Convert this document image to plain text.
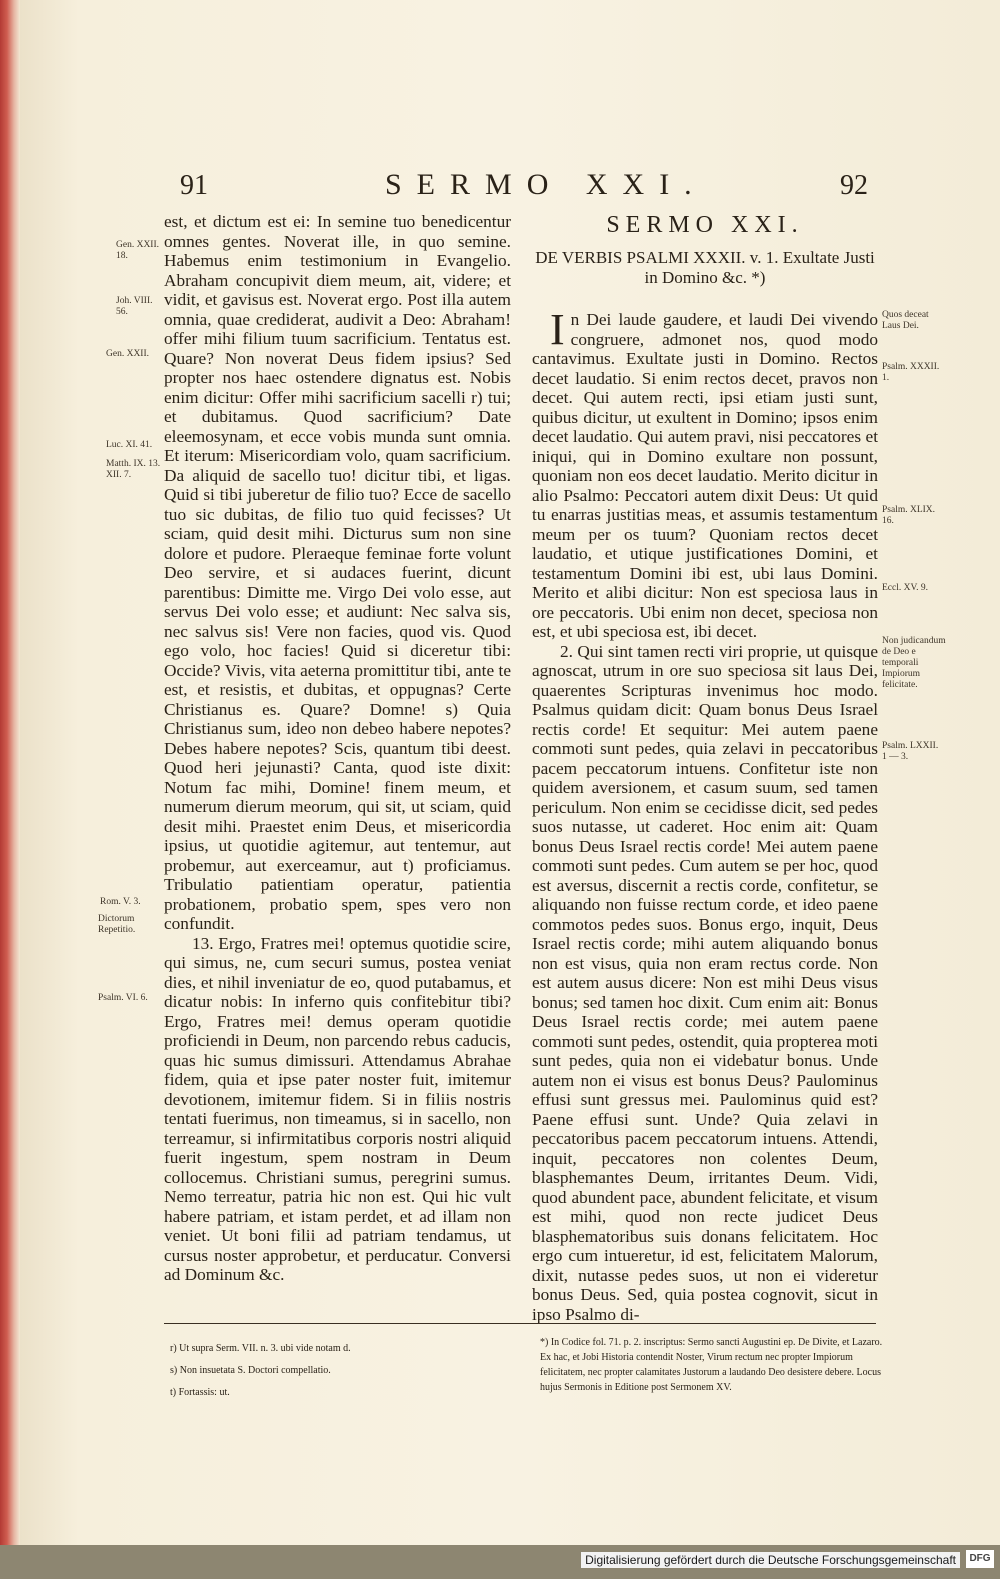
91	SERMO XXI.	92

est, et dictum est ei: In semine tuo benedicentur omnes gentes. Noverat ille, in quo semine. Habemus enim testimonium in Evangelio. Abraham concupivit diem meum, ait, videre; et vidit, et gavisus est. Noverat ergo. Post illa autem omnia, quae crediderat, audivit a Deo: Abraham! offer mihi filium tuum sacrificium. Tentatus est. Quare? Non noverat Deus fidem ipsius? Sed propter nos haec ostendere dignatus est. Nobis enim dicitur: Offer mihi sacrificium sacelli r) tui; et dubitamus. Quod sacrificium? Date eleemosynam, et ecce vobis munda sunt omnia. Et iterum: Misericordiam volo, quam sacrificium. Da aliquid de sacello tuo! dicitur tibi, et ligas. Quid si tibi juberetur de filio tuo? Ecce de sacello tuo sic dubitas, de filio tuo quid fecisses? Ut sciam, quid desit mihi. Dicturus sum non sine dolore et pudore. Pleraeque feminae forte volunt Deo servire, et si audaces fuerint, dicunt parentibus: Dimitte me. Virgo Dei volo esse, aut servus Dei volo esse; et audiunt: Nec salva sis, nec salvus sis! Vere non facies, quod vis. Quod ego volo, hoc facies! Quid si diceretur tibi: Occide? Vivis, vita aeterna promittitur tibi, ante te est, et resistis, et dubitas, et oppugnas? Certe Christianus es. Quare? Domne! s) Quia Christianus sum, ideo non debeo habere nepotes? Debes habere nepotes? Scis, quantum tibi deest. Quod heri jejunasti? Canta, quod iste dixit: Notum fac mihi, Domine! finem meum, et numerum dierum meorum, qui sit, ut sciam, quid desit mihi. Praestet enim Deus, et misericordia ipsius, ut quotidie agitemur, aut tentemur, aut probemur, aut exerceamur, aut t) proficiamus. Tribulatio patientiam operatur, patientia probationem, probatio spem, spes vero non confundit.

13. Ergo, Fratres mei! optemus quotidie scire, qui simus, ne, cum securi sumus, postea veniat dies, et nihil inveniatur de eo, quod putabamus, et dicatur nobis: In inferno quis confitebitur tibi? Ergo, Fratres mei! demus operam quotidie proficiendi in Deum, non parcendo rebus caducis, quas hic sumus dimissuri. Attendamus Abrahae fidem, quia et ipse pater noster fuit, imitemur devotionem, imitemur fidem. Si in filiis nostris tentati fuerimus, non timeamus, si in sacello, non terreamur, si infirmitatibus corporis nostri aliquid fuerit ingestum, spem nostram in Deum collocemus. Christiani sumus, peregrini sumus. Nemo terreatur, patria hic non est. Qui hic vult habere patriam, et istam perdet, et ad illam non veniet. Ut boni filii ad patriam tendamus, ut cursus noster approbetur, et perducatur. Conversi ad Dominum &c.

Gen. XXII. 18.
Joh. VIII. 56.
Gen. XXII.
Luc. XI. 41.
Matth. IX. 13. XII. 7.
Rom. V. 3.
Dictorum Repetitio.
Psalm. VI. 6.
SERMO XXI.
DE VERBIS PSALMI XXXII. v. 1. Exultate Justi in Domino &c. *)

In Dei laude gaudere, et laudi Dei vivendo congruere, admonet nos, quod modo cantavimus. Exultate justi in Domino. Rectos decet laudatio. Si enim rectos decet, pravos non decet. Qui autem recti, ipsi etiam justi sunt, quibus dicitur, ut exultent in Domino; ipsos enim decet laudatio. Qui autem pravi, nisi peccatores et iniqui, qui in Domino exultare non possunt, quoniam non eos decet laudatio. Merito dicitur in alio Psalmo: Peccatori autem dixit Deus: Ut quid tu enarras justitias meas, et assumis testamentum meum per os tuum? Quoniam rectos decet laudatio, et utique justificationes Domini, et testamentum Domini ibi est, ubi laus Domini. Merito et alibi dicitur: Non est speciosa laus in ore peccatoris. Ubi enim non decet, speciosa non est, et ubi speciosa est, ibi decet.

2. Qui sint tamen recti viri proprie, ut quisque agnoscat, utrum in ore suo speciosa sit laus Dei, quaerentes Scripturas invenimus hoc modo. Psalmus quidam dicit: Quam bonus Deus Israel rectis corde! Et sequitur: Mei autem paene commoti sunt pedes, quia zelavi in peccatoribus pacem peccatorum intuens. Confitetur iste non quidem aversionem, et casum suum, sed tamen periculum. Non enim se cecidisse dicit, sed pedes suos nutasse, ut caderet. Hoc enim ait: Quam bonus Deus Israel rectis corde! Mei autem paene commoti sunt pedes. Cum autem se per hoc, quod est aversus, discernit a rectis corde, confitetur, se aliquando non fuisse rectum corde, et ideo paene commotos pedes suos. Bonus ergo, inquit, Deus Israel rectis corde; mihi autem aliquando bonus non est visus, quia non eram rectus corde. Non est autem ausus dicere: Non est mihi Deus visus bonus; sed tamen hoc dixit. Cum enim ait: Bonus Deus Israel rectis corde; mei autem paene commoti sunt pedes, ostendit, quia propterea moti sunt pedes, quia non ei videbatur bonus. Unde autem non ei visus est bonus Deus? Paulominus effusi sunt gressus mei. Paulominus quid est? Paene effusi sunt. Unde? Quia zelavi in peccatoribus pacem peccatorum intuens. Attendi, inquit, peccatores non colentes Deum, blasphemantes Deum, irritantes Deum. Vidi, quod abundent pace, abundent felicitate, et visum est mihi, quod non recte judicet Deus blasphematoribus suis donans felicitatem. Hoc ergo cum intueretur, id est, felicitatem Malorum, dixit, nutasse pedes suos, ut non ei videretur bonus Deus. Sed, quia postea cognovit, sicut in ipso Psalmo di-

Quos deceat Laus Dei.
Psalm. XXXII. 1.
Psalm. XLIX. 16.
Eccl. XV. 9.
Non judicandum de Deo e temporali Impiorum felicitate.
Psalm. LXXII. 1 — 3.
r) Ut supra Serm. VII. n. 3. ubi vide notam d.
s) Non insuetata S. Doctori compellatio.
t) Fortassis: ut.
*) In Codice fol. 71. p. 2. inscriptus: Sermo sancti Augustini ep. De Divite, et Lazaro. Ex hac, et Jobi Historia contendit Noster, Virum rectum nec propter Impiorum felicitatem, nec propter calamitates Justorum a laudando Deo desistere debere. Locus hujus Sermonis in Editione post Sermonem XV.
Digitalisierung gefördert durch die Deutsche Forschungsgemeinschaft	DFG
